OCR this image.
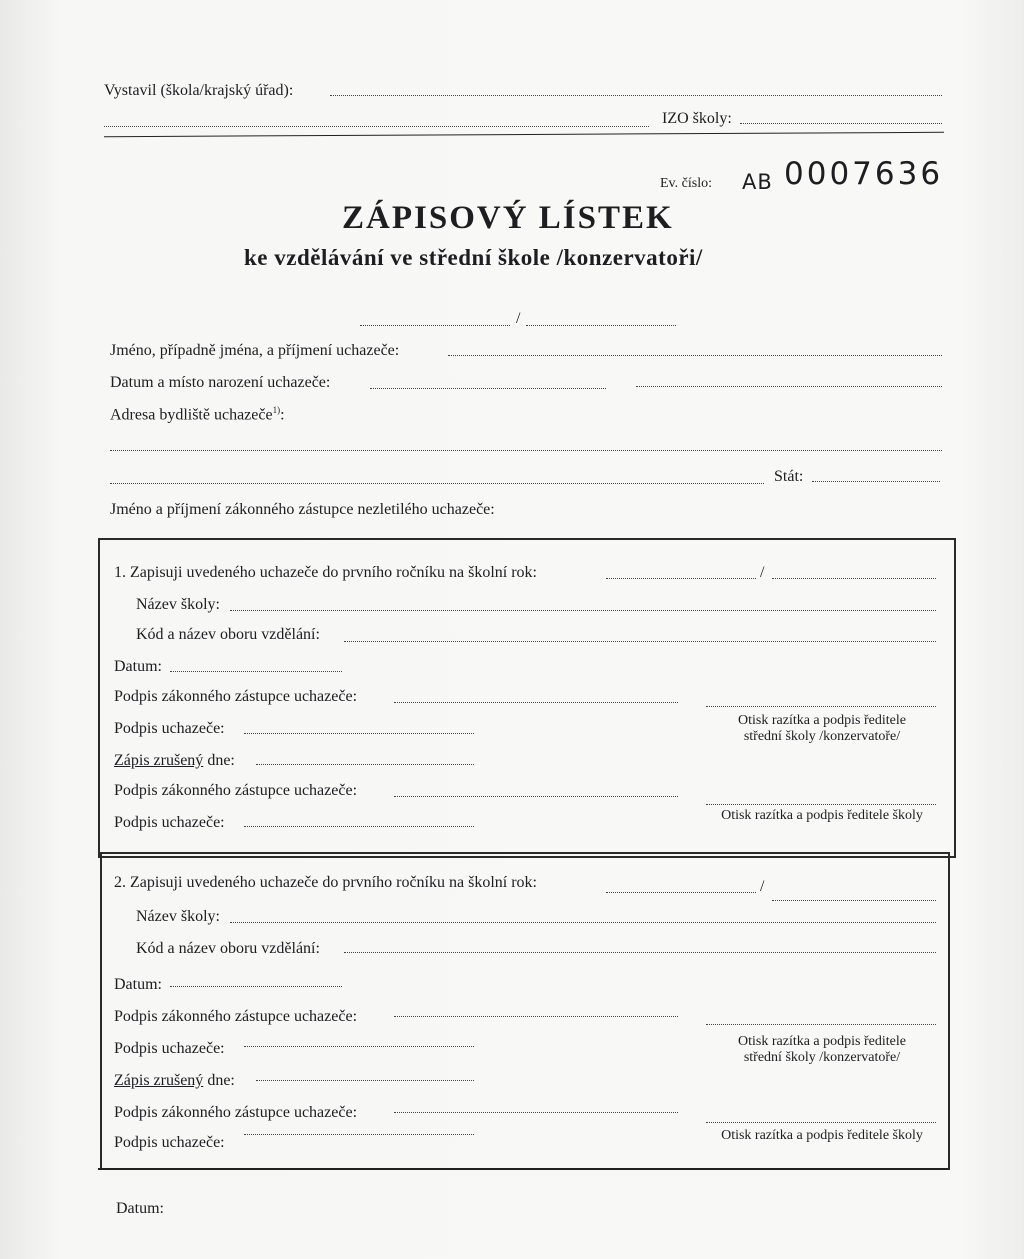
Vystavil (škola/krajský úřad):
IZO školy:
Ev. číslo: AB 0007636
ZÁPISOVÝ LÍSTEK
ke vzdělávání ve střední škole /konzervatoři/
/
Jméno, případně jména, a příjmení uchazeče:
Datum a místo narození uchazeče:
Adresa bydliště uchazeče$^{1)}$:
Stát:
Jméno a příjmení zákonného zástupce nezletilého uchazeče:
1. Zapisuji uvedeného uchazeče do prvního ročníku na školní rok:	/
Název školy:
Kód a název oboru vzdělání:
Datum:
Podpis zákonného zástupce uchazeče:
Podpis uchazeče:	Otisk razítka a podpis ředitele střední školy /konzervatoře/
Zápis zrušený dne:
Podpis zákonného zástupce uchazeče:
Podpis uchazeče:	Otisk razítka a podpis ředitele školy
2. Zapisuji uvedeného uchazeče do prvního ročníku na školní rok:	/
Název školy:
Kód a název oboru vzdělání:
Datum:
Podpis zákonného zástupce uchazeče:
Podpis uchazeče:	Otisk razítka a podpis ředitele střední školy /konzervatoře/
Zápis zrušený dne:
Podpis zákonného zástupce uchazeče:
Podpis uchazeče:	Otisk razítka a podpis ředitele školy
Datum:
